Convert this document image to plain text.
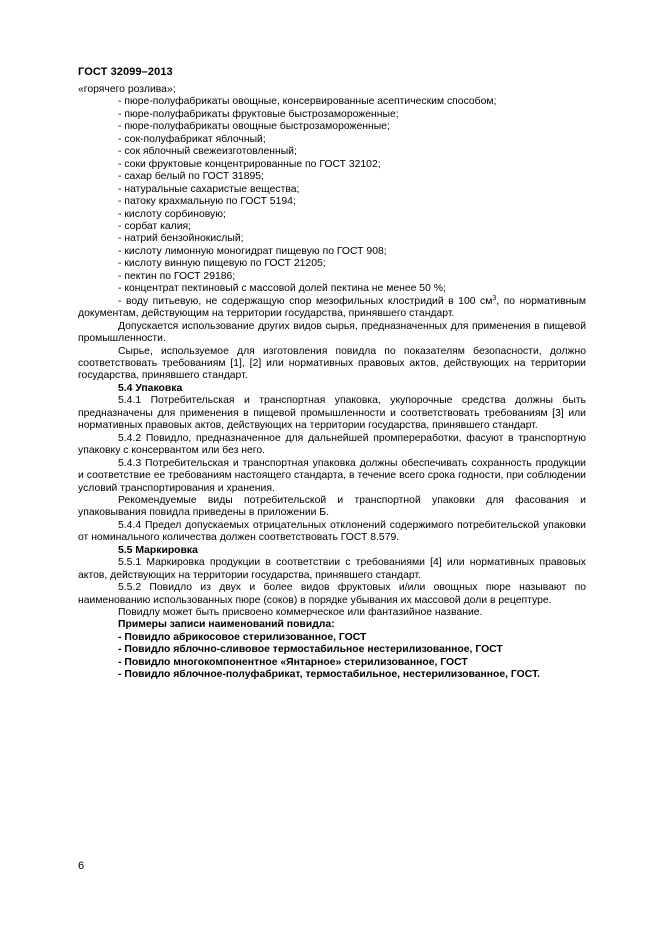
ГОСТ 32099–2013

«горячего розлива»;

- пюре-полуфабрикаты овощные, консервированные асептическим способом;

- пюре-полуфабрикаты фруктовые быстрозамороженные;

- пюре-полуфабрикаты овощные быстрозамороженные;

- сок-полуфабрикат яблочный;

- сок яблочный свежеизготовленный;

- соки фруктовые концентрированные по ГОСТ 32102;

- сахар белый по ГОСТ 31895;

- натуральные сахаристые вещества;

- патоку крахмальную по ГОСТ 5194;

- кислоту сорбиновую;

- сорбат калия;

- натрий бензойнокислый;

- кислоту лимонную моногидрат пищевую по ГОСТ 908;

- кислоту винную пищевую по ГОСТ 21205;

- пектин по ГОСТ 29186;

- концентрат пектиновый с массовой долей пектина не менее 50 %;

- воду питьевую, не содержащую спор мезофильных клостридий в 100 $см^3$, по нормативным документам, действующим на территории государства, принявшего стандарт.

Допускается использование других видов сырья, предназначенных для применения в пищевой промышленности.

Сырье, используемое для изготовления повидла по показателям безопасности, должно соответствовать требованиям [1], [2] или нормативных правовых актов, действующих на территории государства, принявшего стандарт.

5.4 Упаковка

5.4.1 Потребительская и транспортная упаковка, укупорочные средства должны быть предназначены для применения в пищевой промышленности и соответствовать требованиям [3] или нормативных правовых актов, действующих на территории государства, принявшего стандарт.

5.4.2 Повидло, предназначенное для дальнейшей промпереработки, фасуют в транспортную упаковку с консервантом или без него.

5.4.3 Потребительская и транспортная упаковка должны обеспечивать сохранность продукции и соответствие ее требованиям настоящего стандарта, в течение всего срока годности, при соблюдении условий транспортирования и хранения.

Рекомендуемые виды потребительской и транспортной упаковки для фасования и упаковывания повидла приведены в приложении Б.

5.4.4 Предел допускаемых отрицательных отклонений содержимого потребительской упаковки от номинального количества должен соответствовать ГОСТ 8.579.

5.5 Маркировка

5.5.1 Маркировка продукции в соответствии с требованиями [4] или нормативных правовых актов, действующих на территории государства, принявшего стандарт.

5.5.2 Повидло из двух и более видов фруктовых и/или овощных пюре называют по наименованию использованных пюре (соков) в порядке убывания их массовой доли в рецептуре.

Повидлу может быть присвоено коммерческое или фантазийное название.

Примеры записи наименований повидла:

- Повидло абрикосовое стерилизованное, ГОСТ

- Повидло яблочно-сливовое термостабильное нестерилизованное, ГОСТ

- Повидло многокомпонентное «Янтарное» стерилизованное, ГОСТ

- Повидло яблочное-полуфабрикат, термостабильное, нестерилизованное, ГОСТ.

6
